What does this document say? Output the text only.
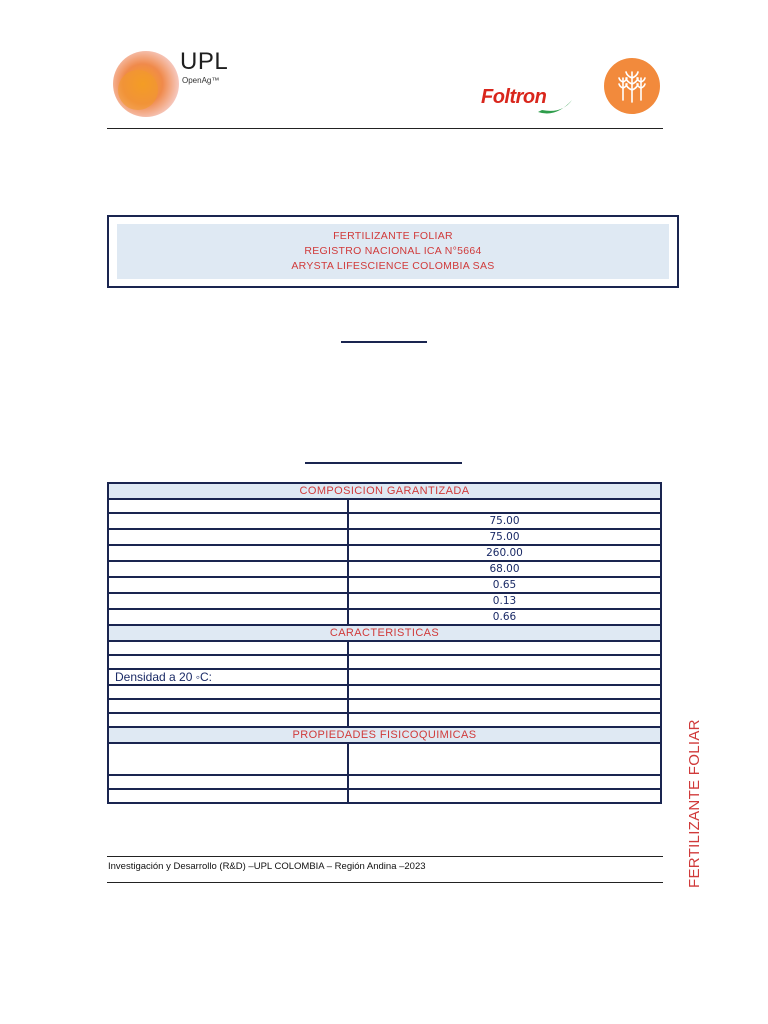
UPL
OpenAg™
Foltron
FERTILIZANTE FOLIAR
REGISTRO NACIONAL ICA N°5664
ARYSTA LIFESCIENCE COLOMBIA SAS
COMPOSICION GARANTIZADA	

	75.00
	75.00
	260.00
	68.00
	0.65
	0.13
	0.66
CARACTERISTICAS	

Densidad a 20 ◦C:	

PROPIEDADES FISICOQUIMICAS	

Investigación y Desarrollo (R&D) –UPL COLOMBIA – Región Andina –2023	FERTILIZANTE FOLIAR
